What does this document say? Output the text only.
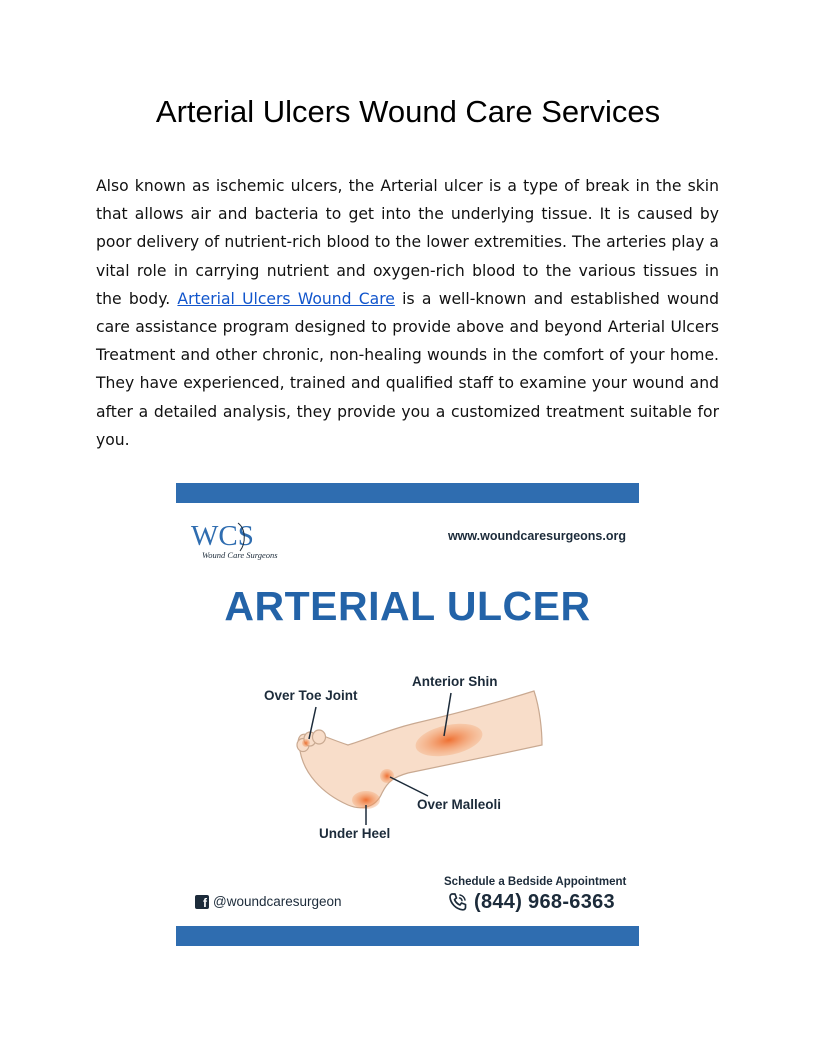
Arterial Ulcers Wound Care Services

Also known as ischemic ulcers, the Arterial ulcer is a type of break in the skin that allows air and bacteria to get into the underlying tissue. It is caused by poor delivery of nutrient-rich blood to the lower extremities. The arteries play a vital role in carrying nutrient and oxygen-rich blood to the various tissues in the body. Arterial Ulcers Wound Care is a well-known and established wound care assistance program designed to provide above and beyond Arterial Ulcers Treatment and other chronic, non-healing wounds in the comfort of your home. They have experienced, trained and qualified staff to examine your wound and after a detailed analysis, they provide you a customized treatment suitable for you.

WCS
Wound Care Surgeons
www.woundcaresurgeons.org
ARTERIAL ULCER
Over Toe Joint
Anterior Shin
Over Malleoli
Under Heel
f @woundcaresurgeon
Schedule a Bedside Appointment
(844) 968-6363
